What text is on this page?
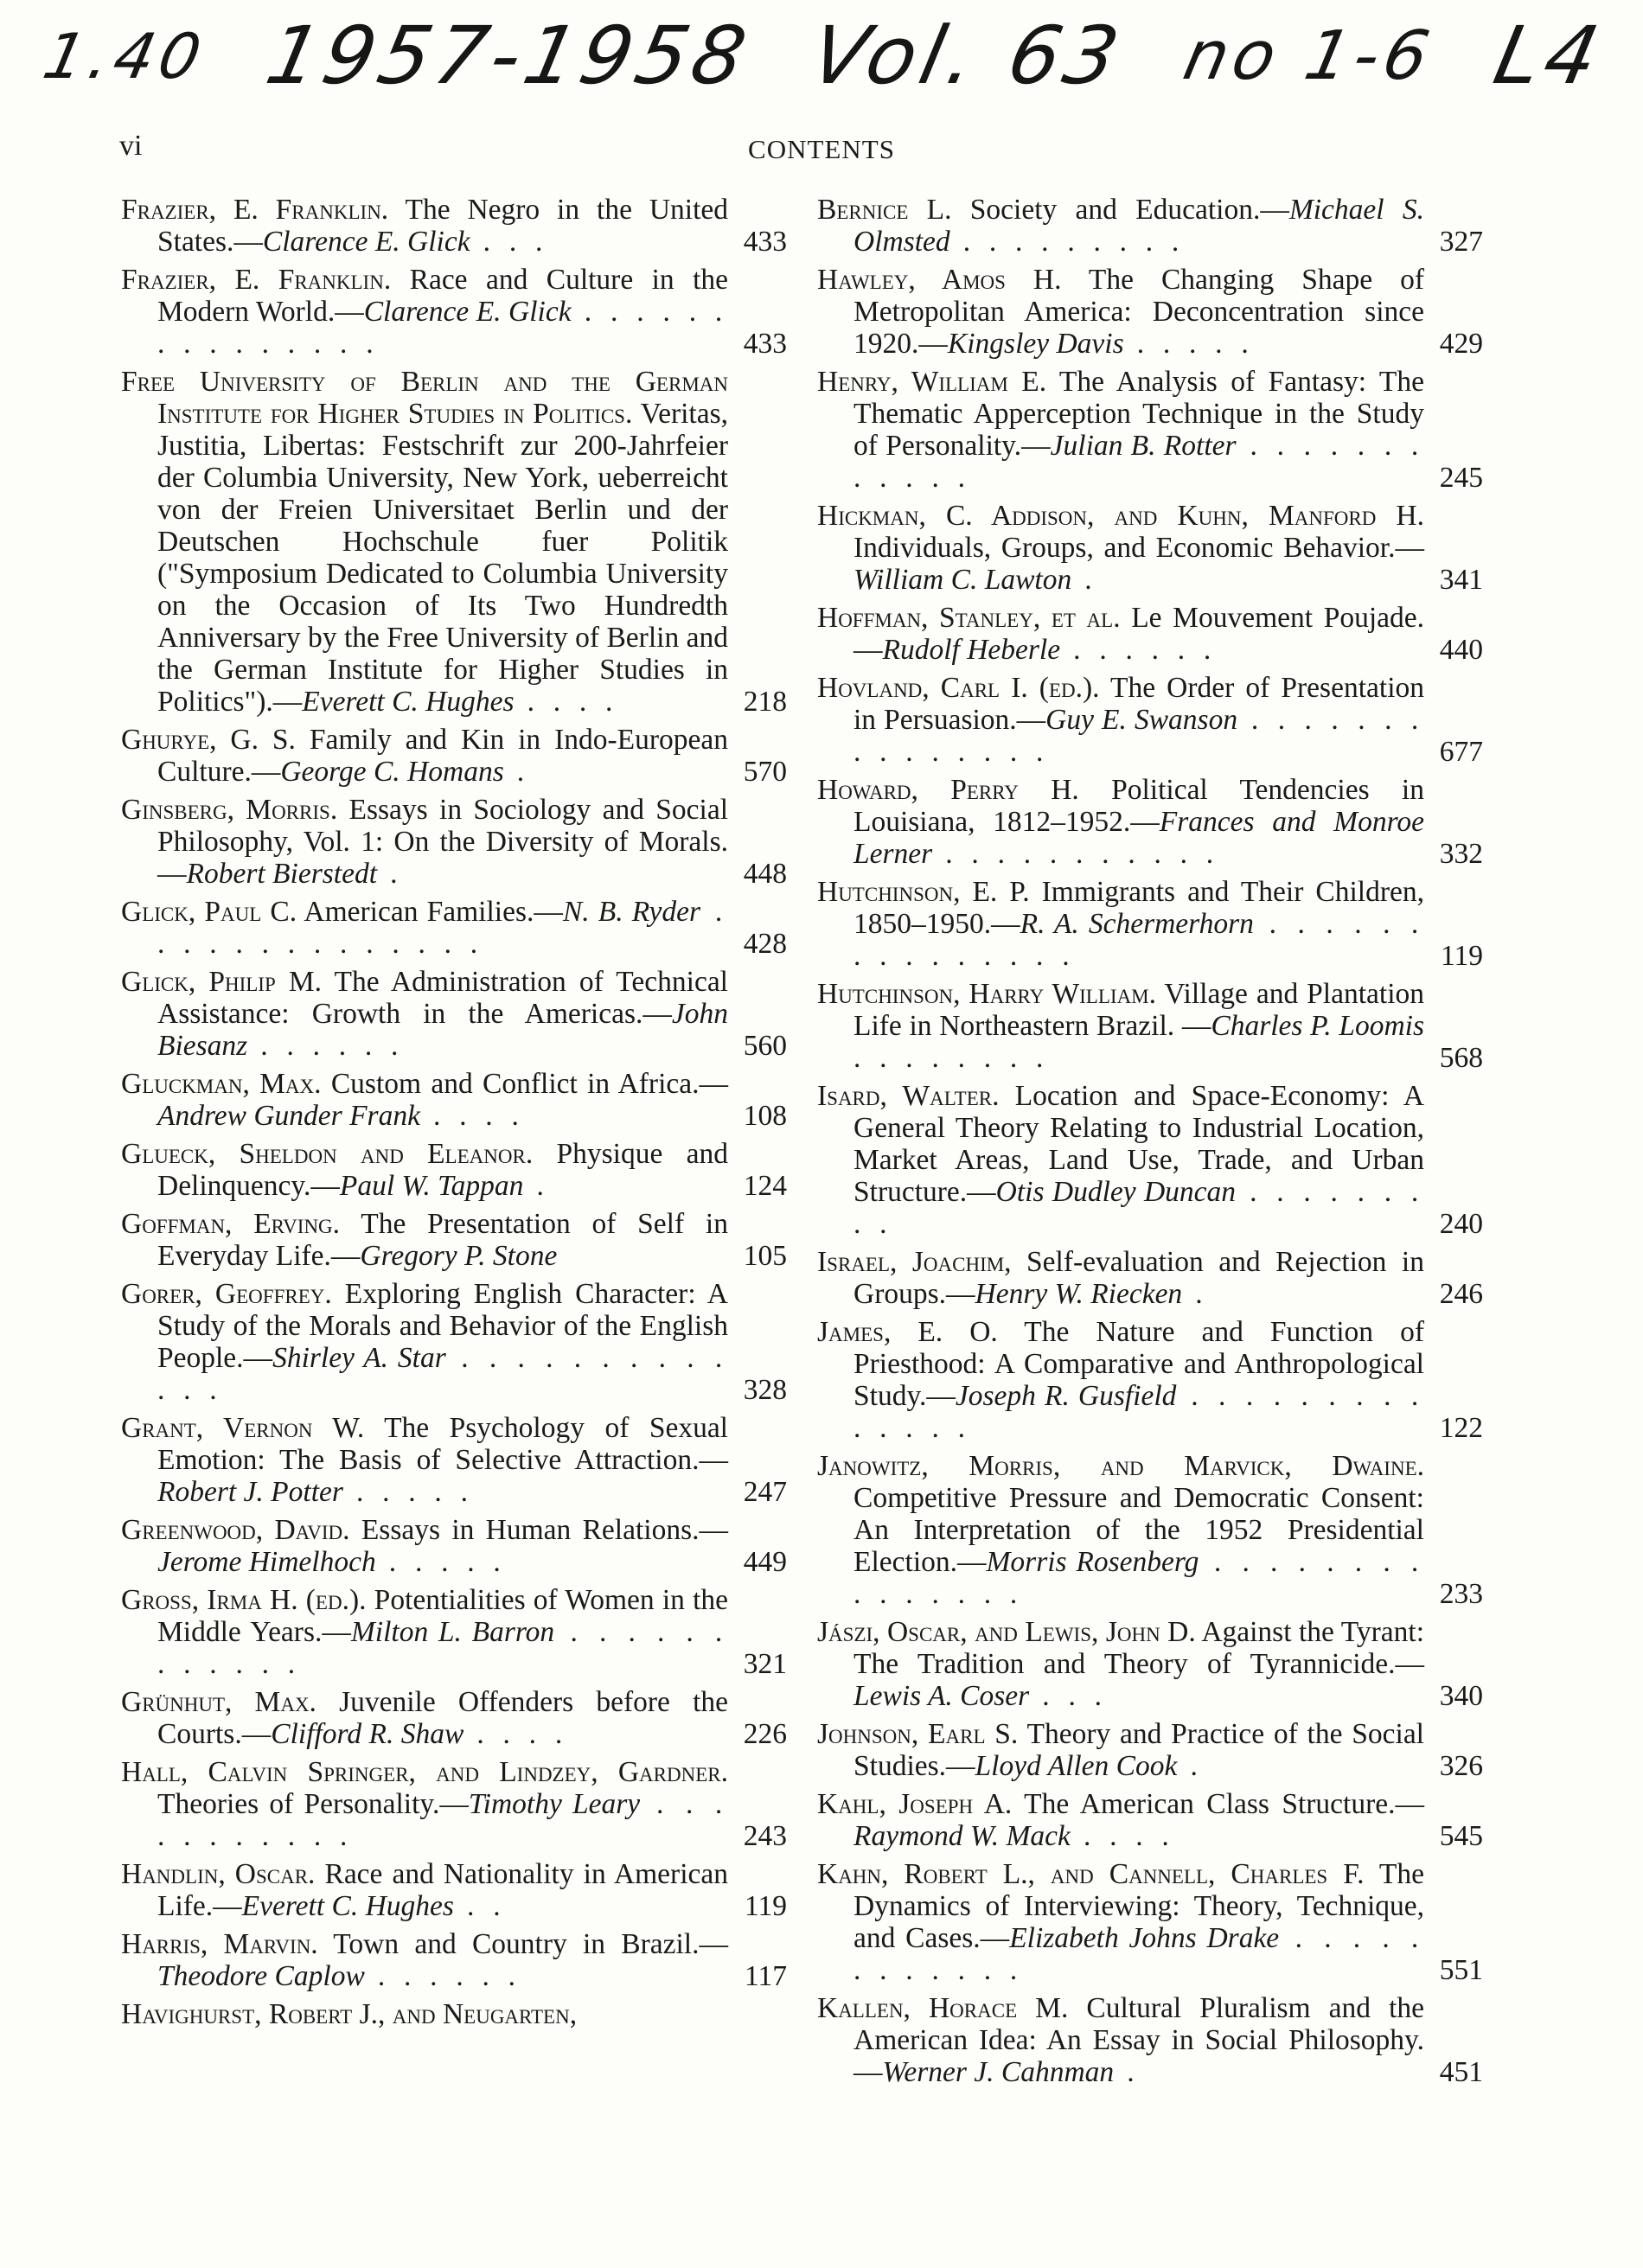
1.40 1957-1958 Vol. 63 no 1-6 L4
vi	CONTENTS
Frazier, E. Franklin. The Negro in the United States.—Clarence E. Glick . . .	433
Frazier, E. Franklin. Race and Culture in the Modern World.—Clarence E. Glick . . . . . . . . . . . . . . .	433
Free University of Berlin and the German Institute for Higher Studies in Politics. Veritas, Justitia, Libertas: Festschrift zur 200-Jahrfeier der Columbia University, New York, ueberreicht von der Freien Universitaet Berlin und der Deutschen Hochschule fuer Politik ("Symposium Dedicated to Columbia University on the Occasion of Its Two Hundredth Anniversary by the Free University of Berlin and the German Institute for Higher Studies in Politics").—Everett C. Hughes . . . .	218
Ghurye, G. S. Family and Kin in Indo-European Culture.—George C. Homans .	570
Ginsberg, Morris. Essays in Sociology and Social Philosophy, Vol. 1: On the Diversity of Morals.—Robert Bierstedt .	448
Glick, Paul C. American Families.—N. B. Ryder . . . . . . . . . . . . . .	428
Glick, Philip M. The Administration of Technical Assistance: Growth in the Americas.—John Biesanz . . . . . .	560
Gluckman, Max. Custom and Conflict in Africa.—Andrew Gunder Frank . . . .	108
Glueck, Sheldon and Eleanor. Physique and Delinquency.—Paul W. Tappan .	124
Goffman, Erving. The Presentation of Self in Everyday Life.—Gregory P. Stone	105
Gorer, Geoffrey. Exploring English Character: A Study of the Morals and Behavior of the English People.—Shirley A. Star . . . . . . . . . . . . .	328
Grant, Vernon W. The Psychology of Sexual Emotion: The Basis of Selective Attraction.—Robert J. Potter . . . . .	247
Greenwood, David. Essays in Human Relations.—Jerome Himelhoch . . . . .	449
Gross, Irma H. (ed.). Potentialities of Women in the Middle Years.—Milton L. Barron . . . . . . . . . . . .	321
Grünhut, Max. Juvenile Offenders before the Courts.—Clifford R. Shaw . . . .	226
Hall, Calvin Springer, and Lindzey, Gardner. Theories of Personality.—Timothy Leary . . . . . . . . . . .	243
Handlin, Oscar. Race and Nationality in American Life.—Everett C. Hughes . .	119
Harris, Marvin. Town and Country in Brazil.—Theodore Caplow . . . . . .	117
Havighurst, Robert J., and Neugarten,
Bernice L. Society and Education.—Michael S. Olmsted . . . . . . . . .	327
Hawley, Amos H. The Changing Shape of Metropolitan America: Deconcentration since 1920.—Kingsley Davis . . . . .	429
Henry, William E. The Analysis of Fantasy: The Thematic Apperception Technique in the Study of Personality.—Julian B. Rotter . . . . . . . . . . . .	245
Hickman, C. Addison, and Kuhn, Manford H. Individuals, Groups, and Economic Behavior.—William C. Lawton .	341
Hoffman, Stanley, et al. Le Mouvement Poujade.—Rudolf Heberle . . . . . .	440
Hovland, Carl I. (ed.). The Order of Presentation in Persuasion.—Guy E. Swanson . . . . . . . . . . . . . . .	677
Howard, Perry H. Political Tendencies in Louisiana, 1812–1952.—Frances and Monroe Lerner . . . . . . . . . . .	332
Hutchinson, E. P. Immigrants and Their Children, 1850–1950.—R. A. Schermerhorn . . . . . . . . . . . . . . .	119
Hutchinson, Harry William. Village and Plantation Life in Northeastern Brazil. —Charles P. Loomis . . . . . . . .	568
Isard, Walter. Location and Space-Economy: A General Theory Relating to Industrial Location, Market Areas, Land Use, Trade, and Urban Structure.—Otis Dudley Duncan . . . . . . . . .	240
Israel, Joachim, Self-evaluation and Rejection in Groups.—Henry W. Riecken .	246
James, E. O. The Nature and Function of Priesthood: A Comparative and Anthropological Study.—Joseph R. Gusfield . . . . . . . . . . . . . .	122
Janowitz, Morris, and Marvick, Dwaine. Competitive Pressure and Democratic Consent: An Interpretation of the 1952 Presidential Election.—Morris Rosenberg . . . . . . . . . . . . . . .	233
Jászi, Oscar, and Lewis, John D. Against the Tyrant: The Tradition and Theory of Tyrannicide.—Lewis A. Coser . . .	340
Johnson, Earl S. Theory and Practice of the Social Studies.—Lloyd Allen Cook .	326
Kahl, Joseph A. The American Class Structure.—Raymond W. Mack . . . .	545
Kahn, Robert L., and Cannell, Charles F. The Dynamics of Interviewing: Theory, Technique, and Cases.—Elizabeth Johns Drake . . . . . . . . . . . .	551
Kallen, Horace M. Cultural Pluralism and the American Idea: An Essay in Social Philosophy.—Werner J. Cahnman .	451
